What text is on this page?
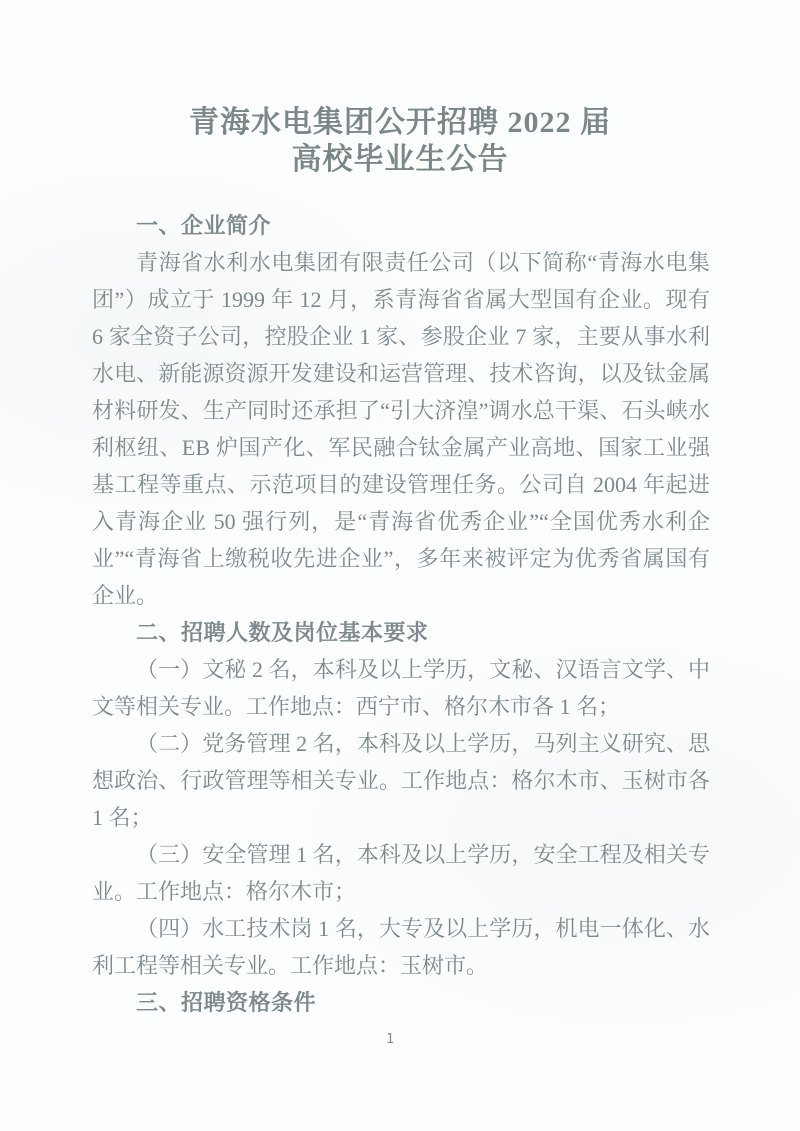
青海水电集团公开招聘 2022 届
高校毕业生公告
一、企业简介

青海省水利水电集团有限责任公司（以下简称“青海水电集团”）成立于 1999 年 12 月，系青海省省属大型国有企业。现有 6 家全资子公司，控股企业 1 家、参股企业 7 家，主要从事水利水电、新能源资源开发建设和运营管理、技术咨询，以及钛金属材料研发、生产同时还承担了“引大济湟”调水总干渠、石头峡水利枢纽、EB 炉国产化、军民融合钛金属产业高地、国家工业强基工程等重点、示范项目的建设管理任务。公司自 2004 年起进入青海企业 50 强行列，是“青海省优秀企业”“全国优秀水利企业”“青海省上缴税收先进企业”，多年来被评定为优秀省属国有企业。

二、招聘人数及岗位基本要求

（一）文秘 2 名，本科及以上学历，文秘、汉语言文学、中文等相关专业。工作地点：西宁市、格尔木市各 1 名；

（二）党务管理 2 名，本科及以上学历，马列主义研究、思想政治、行政管理等相关专业。工作地点：格尔木市、玉树市各 1 名；

（三）安全管理 1 名，本科及以上学历，安全工程及相关专业。工作地点：格尔木市；

（四）水工技术岗 1 名，大专及以上学历，机电一体化、水利工程等相关专业。工作地点：玉树市。

三、招聘资格条件
1
